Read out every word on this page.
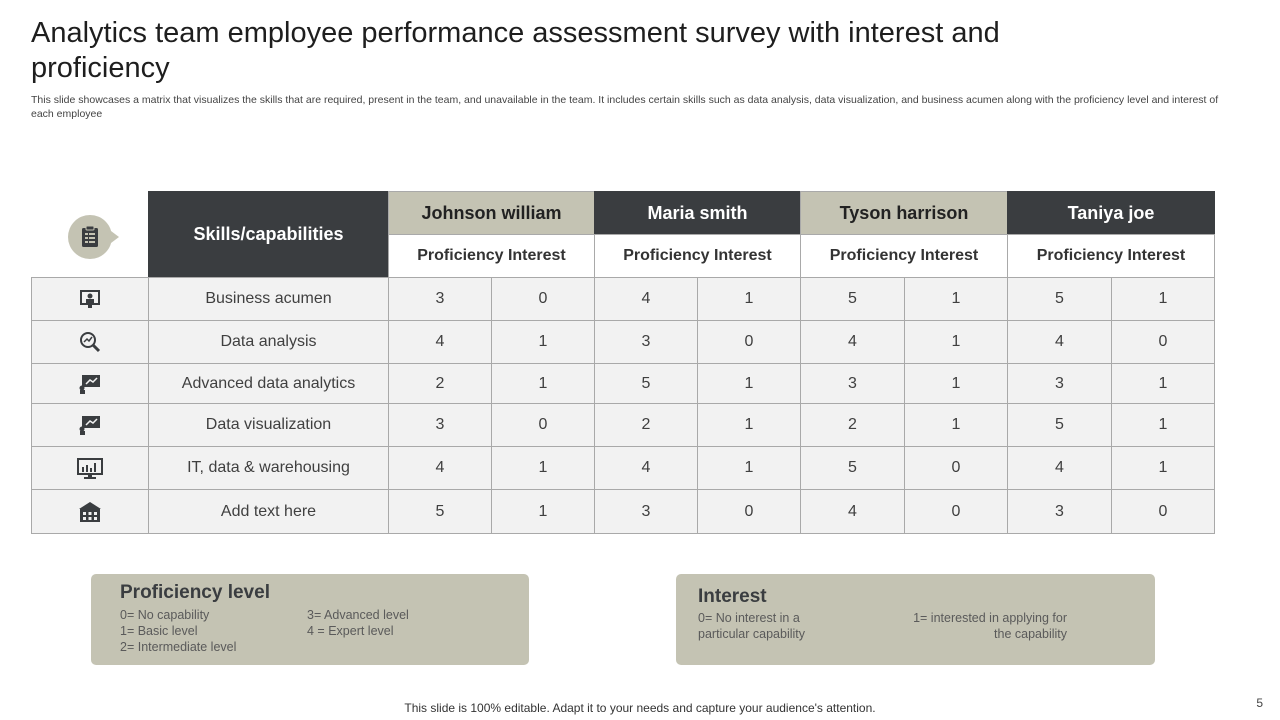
Analytics team employee performance assessment survey with interest and proficiency
This slide showcases a matrix that visualizes the skills that are required, present in the team, and unavailable in the team. It includes certain skills such as data analysis, data visualization, and business acumen along with the proficiency level and interest of each employee
Skills/capabilities
Johnson william	Maria smith	Tyson harrison	Taniya joe
Proficiency Interest	Proficiency Interest	Proficiency Interest	Proficiency Interest
Business acumen	3	0	4	1	5	1	5	1
Data analysis	4	1	3	0	4	1	4	0
Advanced data analytics	2	1	5	1	3	1	3	1
Data visualization	3	0	2	1	2	1	5	1
IT, data & warehousing	4	1	4	1	5	0	4	1
Add text here	5	1	3	0	4	0	3	0
Proficiency level
0= No capability
1= Basic level
2= Intermediate level
3= Advanced level
4 = Expert level
Interest
0= No interest in a
particular capability
1= interested in applying for
the capability
This slide is 100% editable. Adapt it to your needs and capture your audience's attention.	5
